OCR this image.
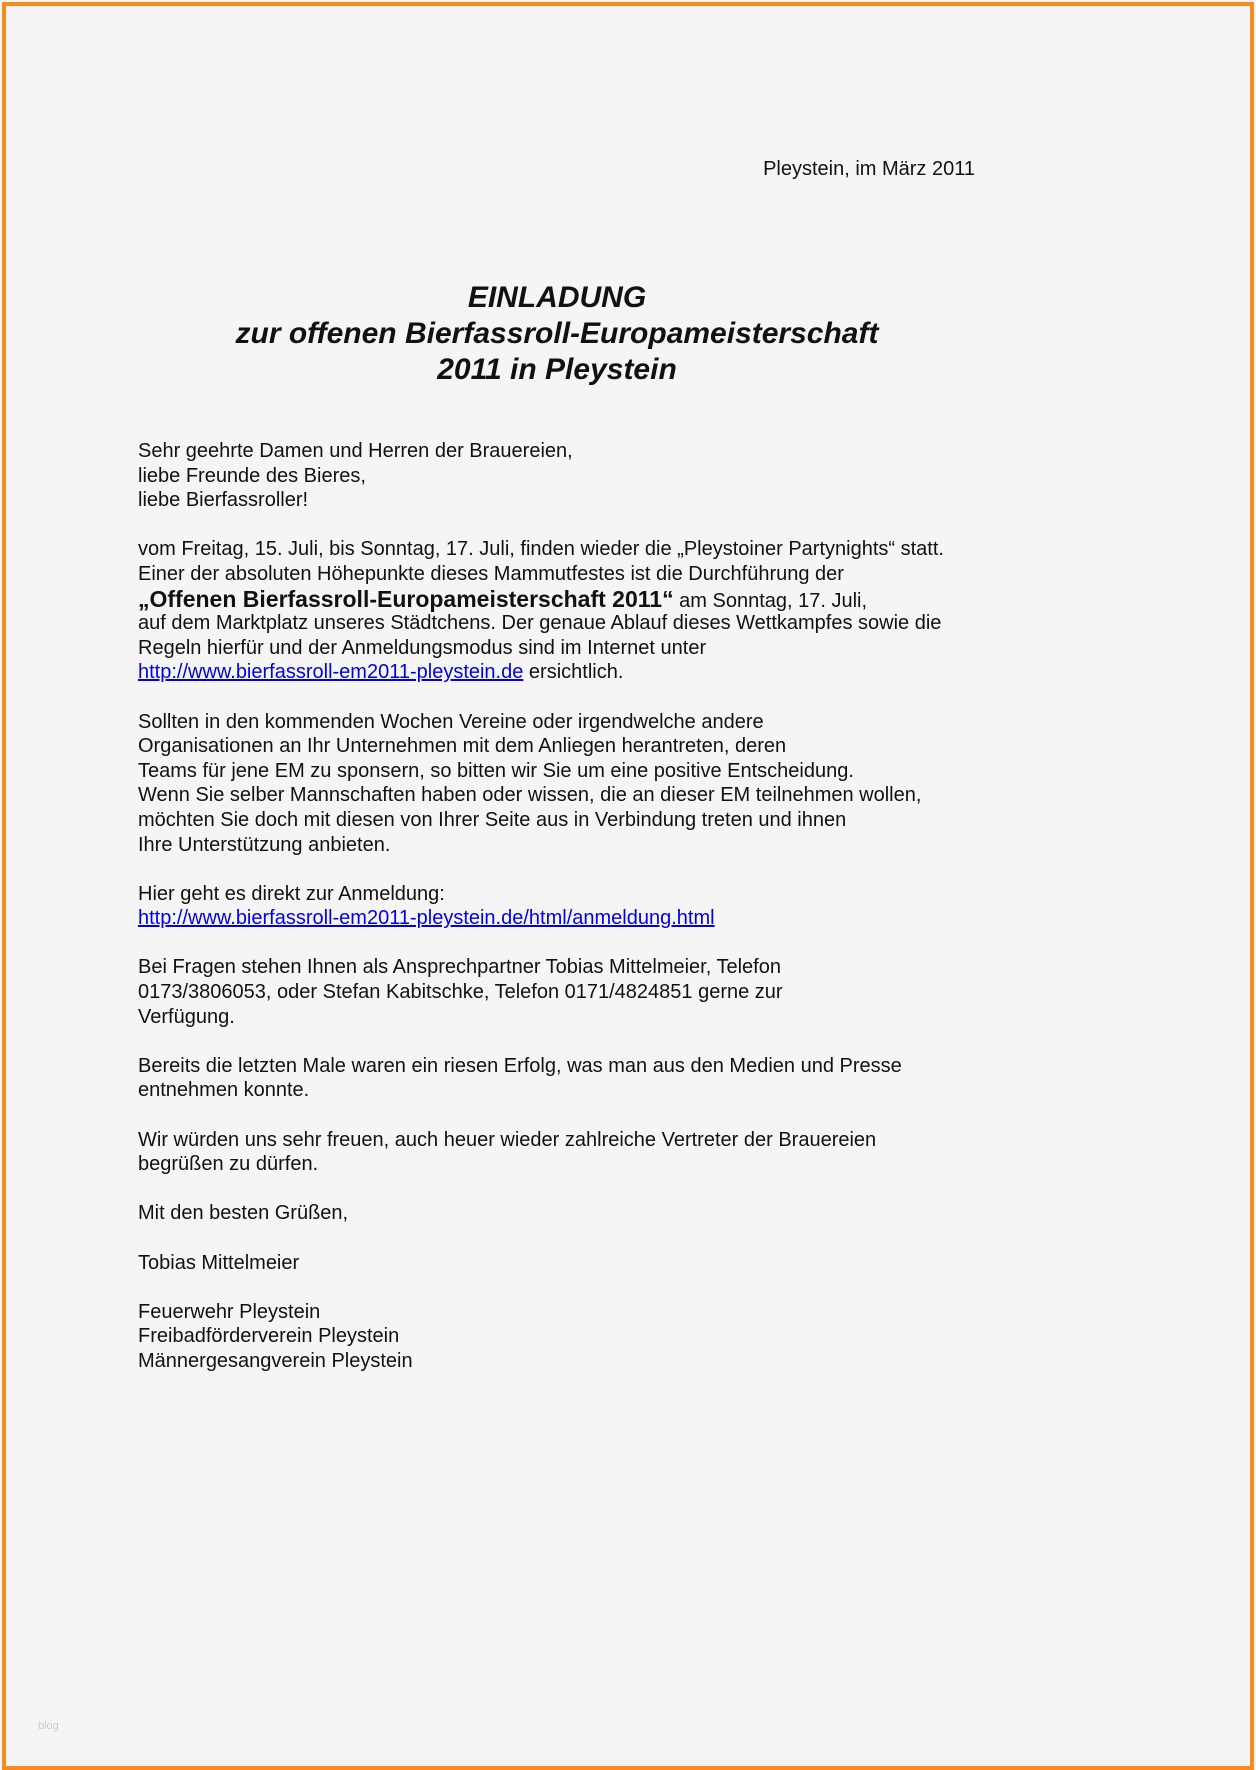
Pleystein, im März 2011
EINLADUNG
zur offenen Bierfassroll-Europameisterschaft
2011 in Pleystein
Sehr geehrte Damen und Herren der Brauereien,
liebe Freunde des Bieres,
liebe Bierfassroller!
vom Freitag, 15. Juli, bis Sonntag, 17. Juli, finden wieder die „Pleystoiner Partynights“ statt.
Einer der absoluten Höhepunkte dieses Mammutfestes ist die Durchführung der
„Offenen Bierfassroll-Europameisterschaft 2011“ am Sonntag, 17. Juli,
auf dem Marktplatz unseres Städtchens. Der genaue Ablauf dieses Wettkampfes sowie die
Regeln hierfür und der Anmeldungsmodus sind im Internet unter
http://www.bierfassroll-em2011-pleystein.de ersichtlich.
Sollten in den kommenden Wochen Vereine oder irgendwelche andere
Organisationen an Ihr Unternehmen mit dem Anliegen herantreten, deren
Teams für jene EM zu sponsern, so bitten wir Sie um eine positive Entscheidung.
Wenn Sie selber Mannschaften haben oder wissen, die an dieser EM teilnehmen wollen,
möchten Sie doch mit diesen von Ihrer Seite aus in Verbindung treten und ihnen
Ihre Unterstützung anbieten.
Hier geht es direkt zur Anmeldung:
http://www.bierfassroll-em2011-pleystein.de/html/anmeldung.html
Bei Fragen stehen Ihnen als Ansprechpartner Tobias Mittelmeier, Telefon
0173/3806053, oder Stefan Kabitschke, Telefon 0171/4824851 gerne zur
Verfügung.
Bereits die letzten Male waren ein riesen Erfolg, was man aus den Medien und Presse
entnehmen konnte.
Wir würden uns sehr freuen, auch heuer wieder zahlreiche Vertreter der Brauereien
begrüßen zu dürfen.
Mit den besten Grüßen,
Tobias Mittelmeier
Feuerwehr Pleystein
Freibadförderverein Pleystein
Männergesangverein Pleystein
blog
